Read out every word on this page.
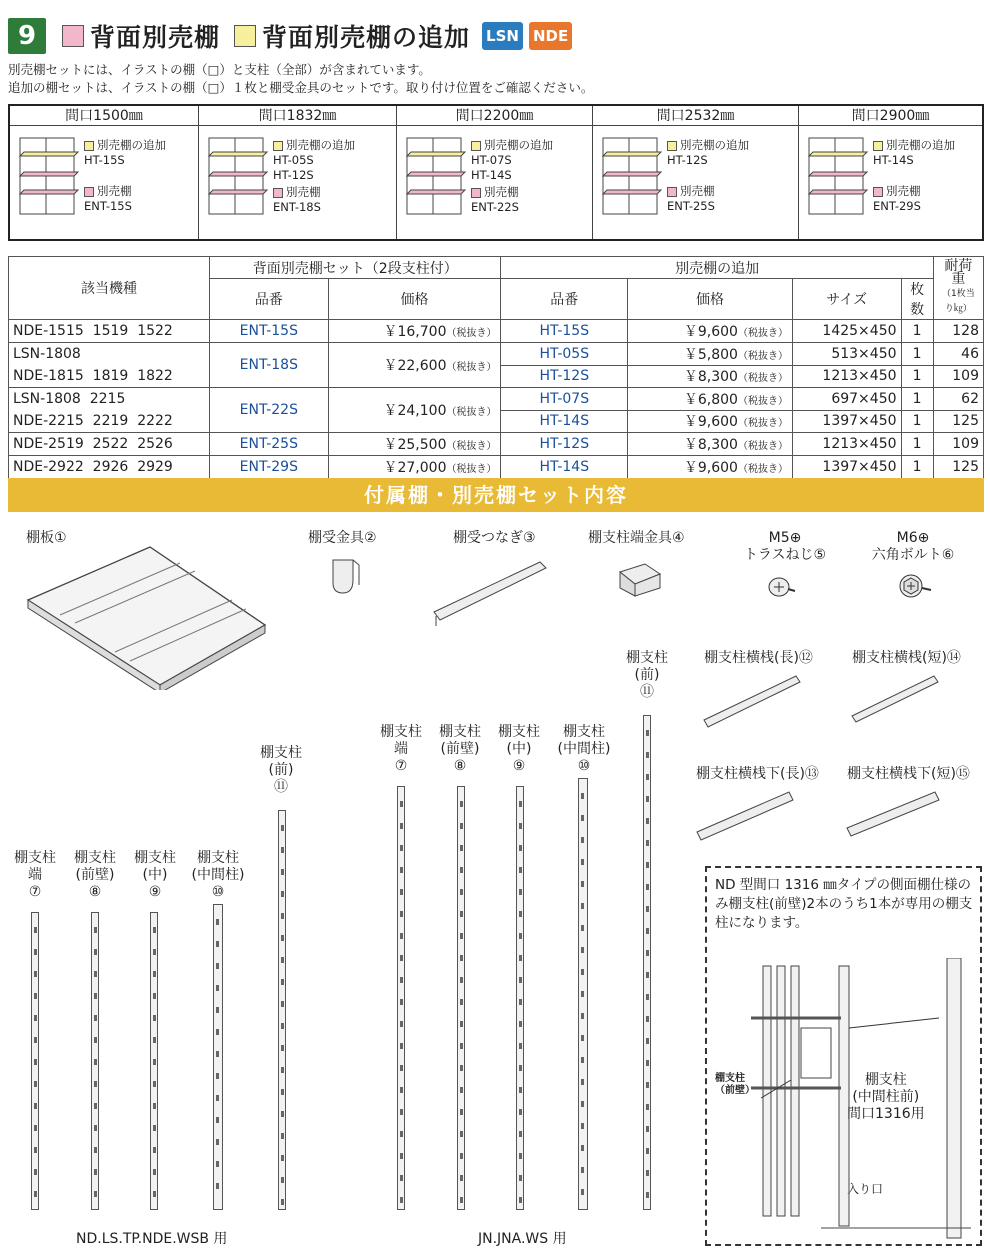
9	背面別売棚 背面別売棚の追加 LSN NDE
別売棚セットには、イラストの棚（□）と支柱（全部）が含まれています。
追加の棚セットは、イラストの棚（□）１枚と棚受金具のセットです。取り付け位置をご確認ください。
間口1500㎜
別売棚の追加
HT-15S
別売棚
ENT-15S
間口1832㎜
別売棚の追加
HT-05S
HT-12S
別売棚
ENT-18S
間口2200㎜
別売棚の追加
HT-07S
HT-14S
別売棚
ENT-22S
間口2532㎜
別売棚の追加
HT-12S
別売棚
ENT-25S
間口2900㎜
別売棚の追加
HT-14S
別売棚
ENT-29S
該当機種	背面別売棚セット（2段支柱付）		別売棚の追加				耐荷重
（1枚当り㎏）
	品番	価格	品番	価格	サイズ	枚数	
NDE-1515  1519  1522	ENT-15S	￥16,700（税抜き）	HT-15S	￥9,600（税抜き）	1425×450	1	128
LSN-1808
NDE-1815  1819  1822	ENT-18S	￥22,600（税抜き）	HT-05S	￥5,800（税抜き）	513×450	1	46
			HT-12S	￥8,300（税抜き）	1213×450	1	109
LSN-1808  2215
NDE-2215  2219  2222	ENT-22S	￥24,100（税抜き）	HT-07S	￥6,800（税抜き）	697×450	1	62
			HT-14S	￥9,600（税抜き）	1397×450	1	125
NDE-2519  2522  2526	ENT-25S	￥25,500（税抜き）	HT-12S	￥8,300（税抜き）	1213×450	1	109
NDE-2922  2926  2929	ENT-29S	￥27,000（税抜き）	HT-14S	￥9,600（税抜き）	1397×450	1	125
付属棚・別売棚セット内容
棚板①	棚受金具②	棚受つなぎ③	棚支柱端金具④	M5⊕
トラスねじ⑤
M6⊕
六角ボルト⑥
棚支柱横桟(長)⑫	棚支柱横桟(短)⑭
棚支柱横桟下(長)⑬ 棚支柱横桟下(短)⑮
棚支柱
端
⑦
棚支柱
(前壁)
⑧
棚支柱
(中)
⑨
棚支柱
(中間柱)
⑩
棚支柱
(前)
⑪
棚支柱
端
⑦
棚支柱
(前壁)
⑧
棚支柱
(中)
⑨
棚支柱
(中間柱)
⑩
棚支柱
(前)
⑪
ND.LS.TP.NDE.WSB 用	JN.JNA.WS 用
ND 型間口 1316 ㎜タイプの側面棚仕様のみ棚支柱(前壁)2本のうち1本が専用の棚支柱になります。
棚支柱
（前壁）
棚支柱
(中間柱前)
間口1316用
入り口
